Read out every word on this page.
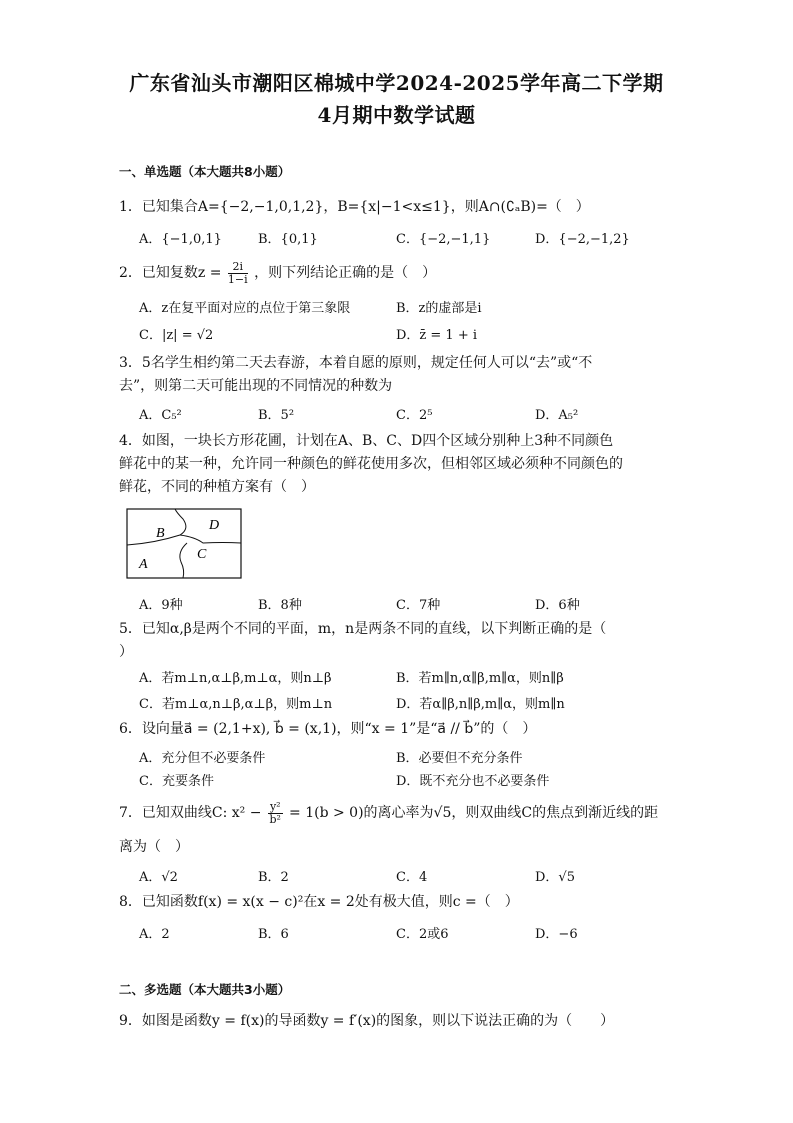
广东省汕头市潮阳区棉城中学2024-2025学年高二下学期
4月期中数学试题
一、单选题（本大题共8小题）
1．已知集合A={−2,−1,0,1,2}，B={x|−1<x≤1}，则A∩(∁ₐB)=（　）
A．{−1,0,1}	B．{0,1}	C．{−2,−1,1}	D．{−2,−1,2}
2．已知复数$z = \frac{2i}{1-i}$ ，则下列结论正确的是（　）
A．z在复平面对应的点位于第三象限	B．z的虚部是i
C．|z| = √2	D．z̄ = 1 + i
3．5名学生相约第二天去春游，本着自愿的原则，规定任何人可以“去”或“不
去”，则第二天可能出现的不同情况的种数为
A．C₅²	B．5²	C．2⁵	D．A₅²
4．如图，一块长方形花圃，计划在A、B、C、D四个区域分别种上3种不同颜色
鲜花中的某一种，允许同一种颜色的鲜花使用多次，但相邻区域必须种不同颜色的
鲜花，不同的种植方案有（　）
B
D
C
A
A．9种	B．8种	C．7种	D．6种
5．已知α,β是两个不同的平面，m，n是两条不同的直线，以下判断正确的是（
）
A．若m⊥n,α⊥β,m⊥α，则n⊥β	B．若m∥n,α∥β,m∥α，则n∥β
C．若m⊥α,n⊥β,α⊥β，则m⊥n	D．若α∥β,n∥β,m∥α，则m∥n
6．设向量a⃗ = (2,1+x), b⃗ = (x,1)，则“x = 1”是“a⃗ // b⃗”的（　）
A．充分但不必要条件	B．必要但不充分条件
C．充要条件	D．既不充分也不必要条件
7．已知双曲线C: $x^2 - \frac{\text{y²}}{\text{b²}} = 1(b > 0)$的离心率为√5，则双曲线C的焦点到渐近线的距
离为（　）
A．√2	B．2	C．4	D．√5
8．已知函数f(x) = x(x − c)²在x = 2处有极大值，则c =（　）
A．2	B．6	C．2或6	D．−6
二、多选题（本大题共3小题）
9．如图是函数y = f(x)的导函数y = f′(x)的图象，则以下说法正确的为（　　）
